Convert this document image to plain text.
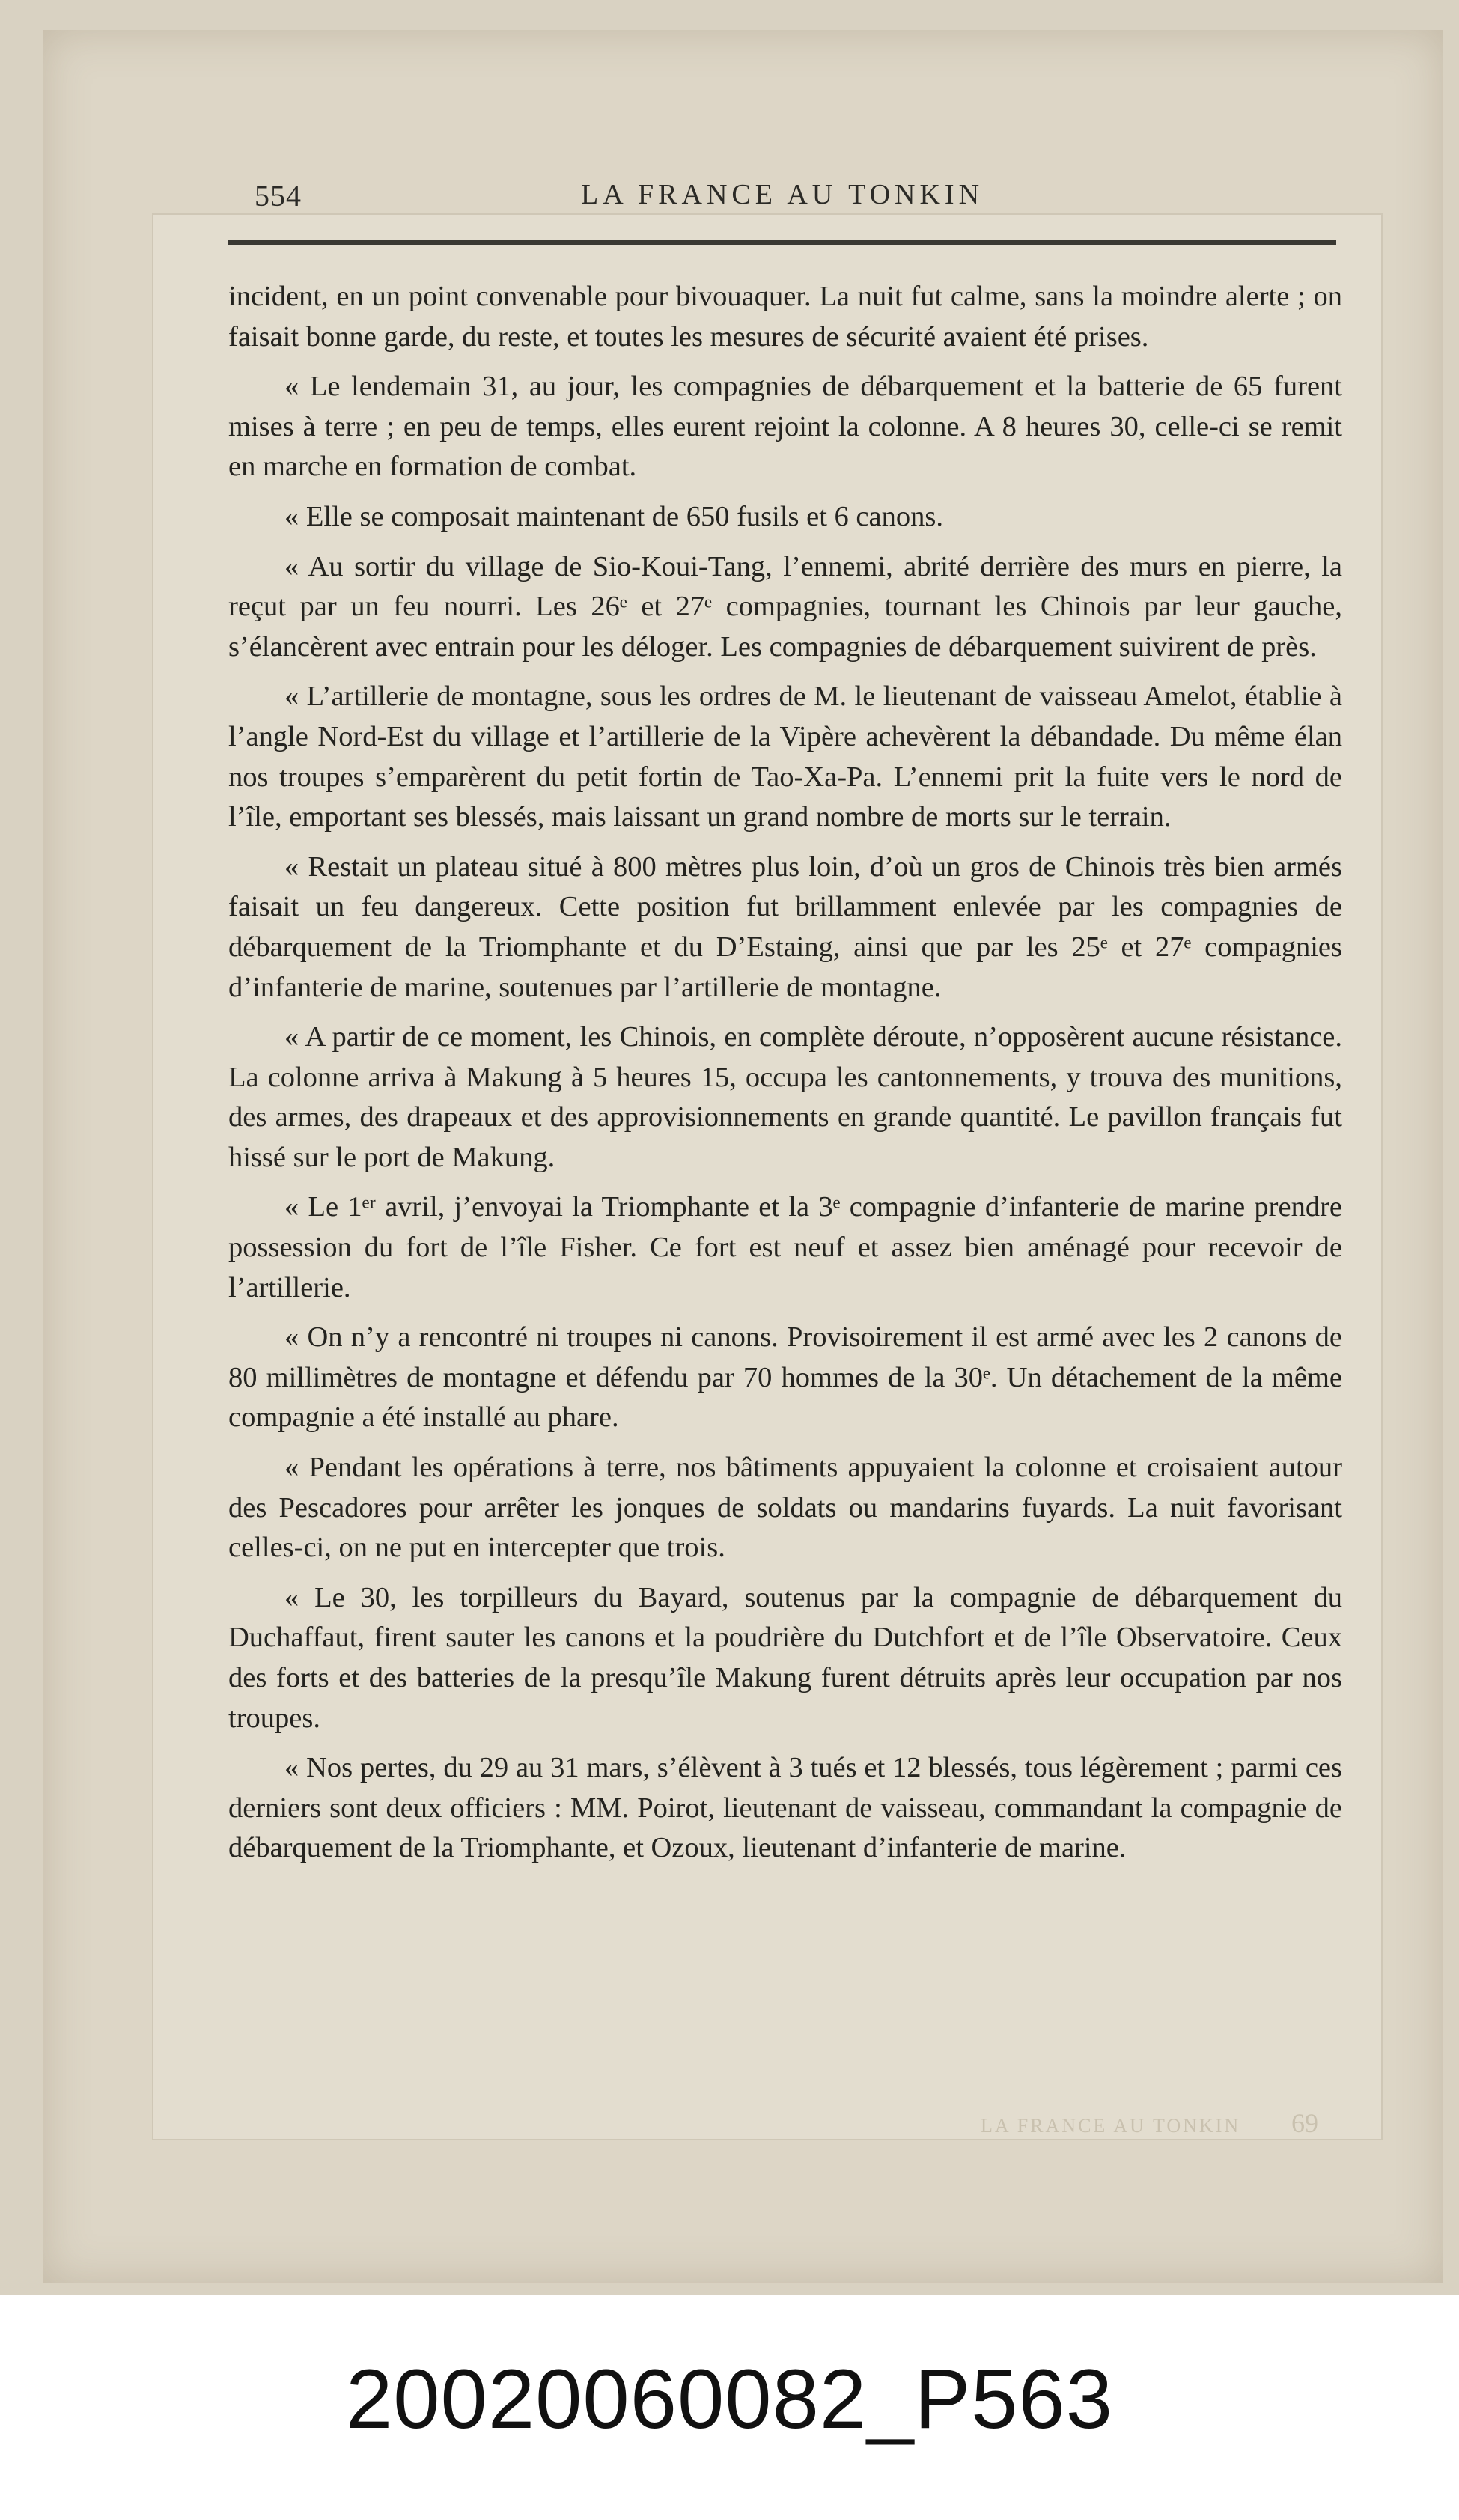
554	LA FRANCE AU TONKIN

incident, en un point convenable pour bivouaquer. La nuit fut calme, sans la moindre alerte ; on faisait bonne garde, du reste, et toutes les mesures de sécurité avaient été prises.

« Le lendemain 31, au jour, les compagnies de débarquement et la batterie de 65 furent mises à terre ; en peu de temps, elles eurent rejoint la colonne. A 8 heures 30, celle-ci se remit en marche en formation de combat.

« Elle se composait maintenant de 650 fusils et 6 canons.

« Au sortir du village de Sio-Koui-Tang, l’ennemi, abrité derrière des murs en pierre, la reçut par un feu nourri. Les 26ᵉ et 27ᵉ compagnies, tournant les Chinois par leur gauche, s’élancèrent avec entrain pour les déloger. Les compagnies de débarquement suivirent de près.

« L’artillerie de montagne, sous les ordres de M. le lieutenant de vaisseau Amelot, établie à l’angle Nord-Est du village et l’artillerie de la Vipère achevèrent la débandade. Du même élan nos troupes s’emparèrent du petit fortin de Tao-Xa-Pa. L’ennemi prit la fuite vers le nord de l’île, emportant ses blessés, mais laissant un grand nombre de morts sur le terrain.

« Restait un plateau situé à 800 mètres plus loin, d’où un gros de Chinois très bien armés faisait un feu dangereux. Cette position fut brillamment enlevée par les compagnies de débarquement de la Triomphante et du D’Estaing, ainsi que par les 25ᵉ et 27ᵉ compagnies d’infanterie de marine, soutenues par l’artillerie de montagne.

« A partir de ce moment, les Chinois, en complète déroute, n’opposèrent aucune résistance. La colonne arriva à Makung à 5 heures 15, occupa les cantonnements, y trouva des munitions, des armes, des drapeaux et des approvisionnements en grande quantité. Le pavillon français fut hissé sur le port de Makung.

« Le 1ᵉʳ avril, j’envoyai la Triomphante et la 3ᵉ compagnie d’infanterie de marine prendre possession du fort de l’île Fisher. Ce fort est neuf et assez bien aménagé pour recevoir de l’artillerie.

« On n’y a rencontré ni troupes ni canons. Provisoirement il est armé avec les 2 canons de 80 millimètres de montagne et défendu par 70 hommes de la 30ᵉ. Un détachement de la même compagnie a été installé au phare.

« Pendant les opérations à terre, nos bâtiments appuyaient la colonne et croisaient autour des Pescadores pour arrêter les jonques de soldats ou mandarins fuyards. La nuit favorisant celles-ci, on ne put en intercepter que trois.

« Le 30, les torpilleurs du Bayard, soutenus par la compagnie de débarquement du Duchaffaut, firent sauter les canons et la poudrière du Dutchfort et de l’île Observatoire. Ceux des forts et des batteries de la presqu’île Makung furent détruits après leur occupation par nos troupes.

« Nos pertes, du 29 au 31 mars, s’élèvent à 3 tués et 12 blessés, tous légèrement ; parmi ces derniers sont deux officiers : MM. Poirot, lieutenant de vaisseau, commandant la compagnie de débarquement de la Triomphante, et Ozoux, lieutenant d’infanterie de marine.

LA FRANCE AU TONKIN 69
20020060082_P563
